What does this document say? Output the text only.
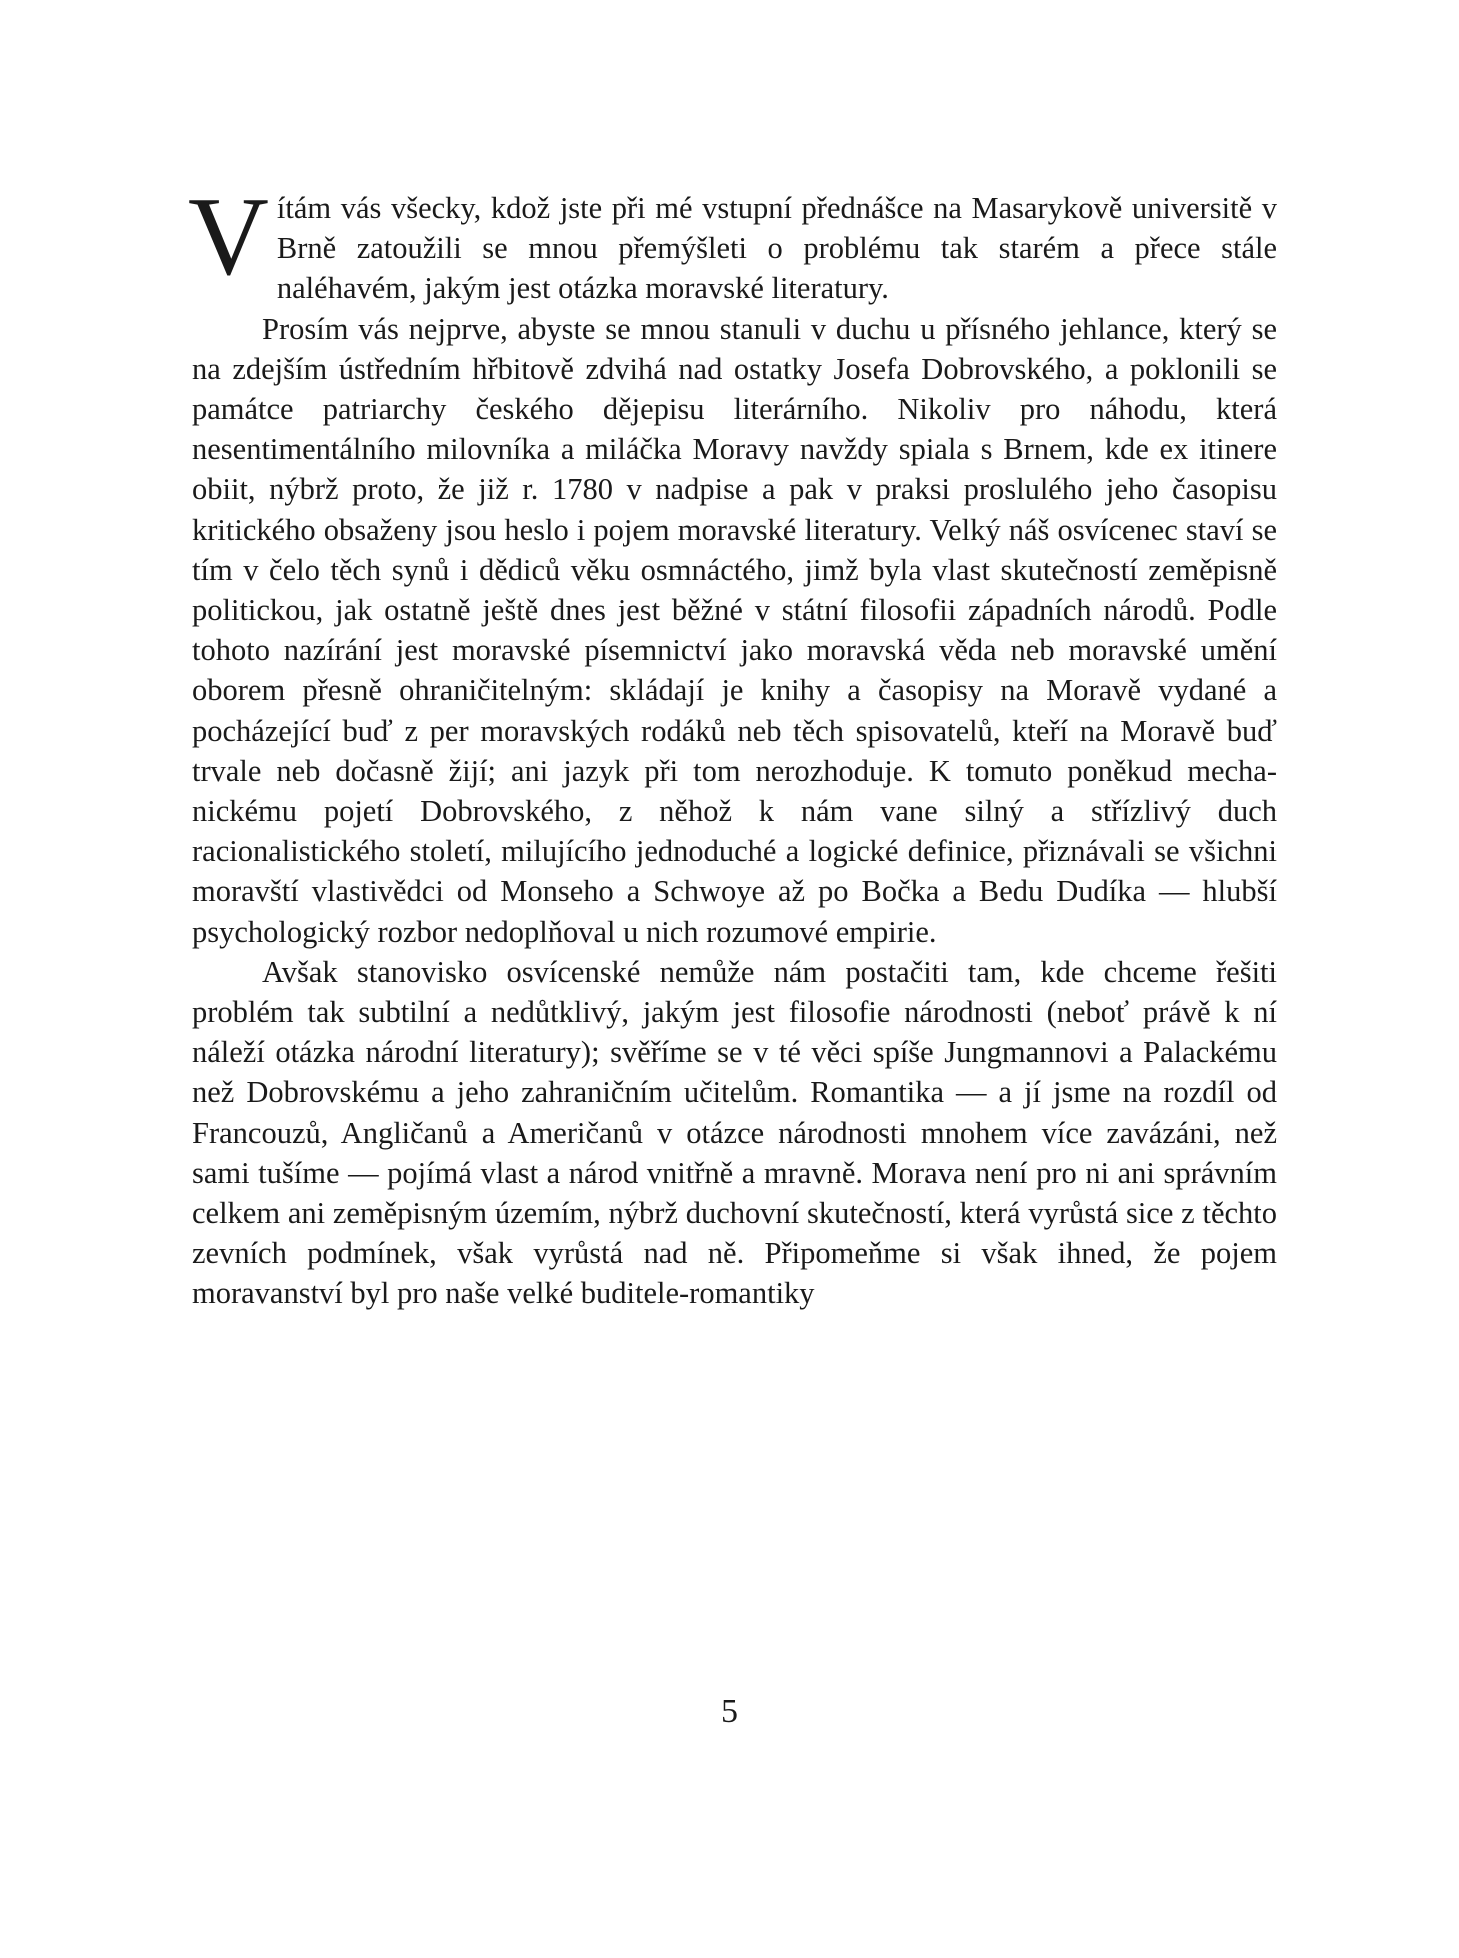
Vítám vás všecky, kdož jste při mé vstupní přednášce na Masarykově universitě v Brně zatoužili se mnou přemýšleti o problému tak starém a přece stále naléhavém, jakým jest otázka moravské literatury.

Prosím vás nejprve, abyste se mnou stanuli v duchu u přísného jehlance, který se na zdejším ústředním hřbitově zdvihá nad ostatky Josefa Dobrovského, a poklonili se památce patriarchy českého dějepisu literárního. Nikoliv pro náhodu, která nesentimentálního milovníka a miláčka Moravy navždy spiala s Brnem, kde ex itinere obiit, nýbrž proto, že již r. 1780 v nadpise a pak v praksi proslulého jeho časopisu kritického obsaženy jsou heslo i pojem moravské literatury. Velký náš osvícenec staví se tím v čelo těch synů i dědiců věku osmnáctého, jimž byla vlast skutečností zeměpisně politickou, jak ostatně ještě dnes jest běžné v státní filosofii západních národů. Podle tohoto nazírání jest moravské písemnictví jako moravská věda neb moravské umění oborem přesně ohraničitelným: skládají je knihy a časopisy na Moravě vydané a pocházející buď z per moravských rodáků neb těch spisovatelů, kteří na Moravě buď trvale neb dočasně žijí; ani jazyk při tom nerozhoduje. K tomuto poněkud mechanickému pojetí Dobrovského, z něhož k nám vane silný a střízlivý duch racionalistického století, milujícího jednoduché a logické definice, přiznávali se všichni moravští vlastivědci od Monseho a Schwoye až po Bočka a Bedu Dudíka — hlubší psychologický rozbor nedoplňoval u nich rozumové empirie.

Avšak stanovisko osvícenské nemůže nám postačiti tam, kde chceme řešiti problém tak subtilní a nedůtklivý, jakým jest filosofie národnosti (neboť právě k ní náleží otázka národní literatury); svěříme se v té věci spíše Jungmannovi a Palackému než Dobrovskému a jeho zahraničním učitelům. Romantika — a jí jsme na rozdíl od Francouzů, Angličanů a Američanů v otázce národnosti mnohem více zavázáni, než sami tušíme — pojímá vlast a národ vnitřně a mravně. Morava není pro ni ani správním celkem ani zeměpisným územím, nýbrž duchovní skutečností, která vyrůstá sice z těchto zevních podmínek, však vyrůstá nad ně. Připomeňme si však ihned, že pojem moravanství byl pro naše velké buditele-romantiky

5
